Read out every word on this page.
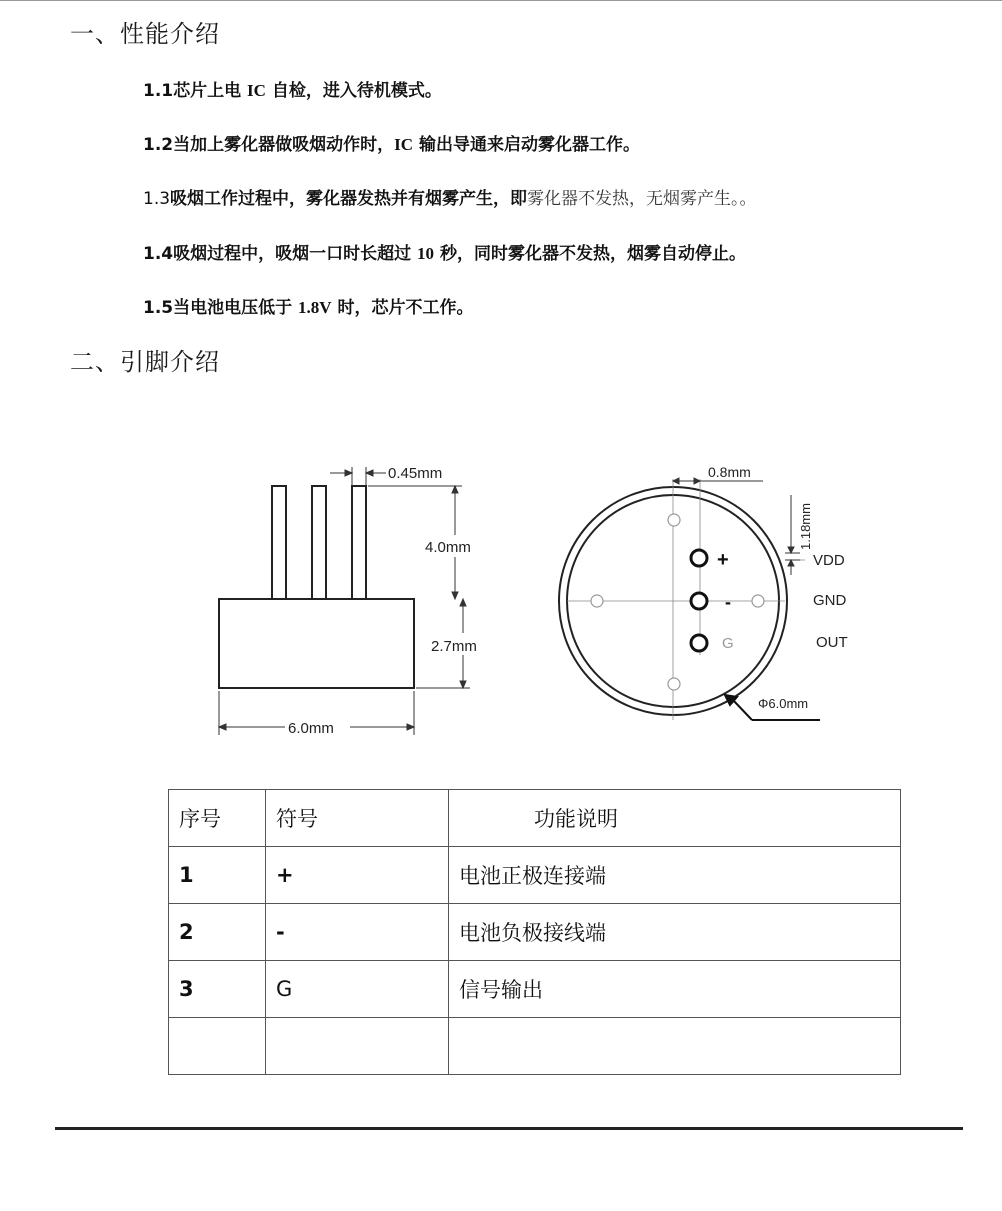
一、性能介绍
1.1芯片上电 IC 自检，进入待机模式。
1.2当加上雾化器做吸烟动作时，IC 输出导通来启动雾化器工作。
1.3吸烟工作过程中，雾化器发热并有烟雾产生，即雾化器不发热，无烟雾产生。。
1.4吸烟过程中，吸烟一口时长超过 10 秒，同时雾化器不发热，烟雾自动停止。
1.5当电池电压低于 1.8V 时，芯片不工作。
二、引脚介绍
0.45mm
4.0mm
2.7mm
6.0mm
+
-
G
0.8mm
1.18mm
VDD
GND
OUT
Φ6.0mm
序号	符号	功能说明
1	+	电池正极连接端
2	-	电池负极接线端
3	G	信号输出
